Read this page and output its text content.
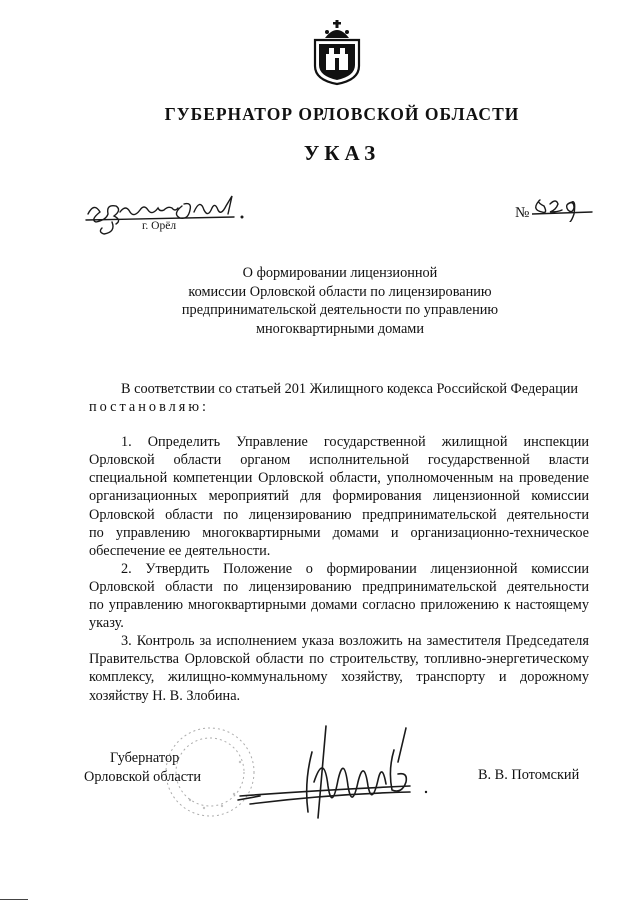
ГУБЕРНАТОР ОРЛОВСКОЙ ОБЛАСТИ
УКАЗ
г. Орёл
№
О формировании лицензионной
комиссии Орловской области по лицензированию
предпринимательской деятельности по управлению
многоквартирными домами
В соответствии со статьей 201 Жилищного кодекса Российской Федерации
постановляю:
1. Определить Управление государственной жилищной инспекции
Орловской области органом исполнительной государственной власти
специальной компетенции Орловской области, уполномоченным на проведение
организационных мероприятий для формирования лицензионной комиссии
Орловской области по лицензированию предпринимательской деятельности
по управлению многоквартирными домами и организационно-техническое
обеспечение ее деятельности.
2. Утвердить Положение о формировании лицензионной комиссии
Орловской области по лицензированию предпринимательской деятельности
по управлению многоквартирными домами согласно приложению к настоящему
указу.
3. Контроль за исполнением указа возложить на заместителя Председателя
Правительства Орловской области по строительству, топливно-энергетическому
комплексу, жилищно-коммунальному хозяйству, транспорту и дорожному
хозяйству Н. В. Злобина.
Губернатор
Орловской области	В. В. Потомский
